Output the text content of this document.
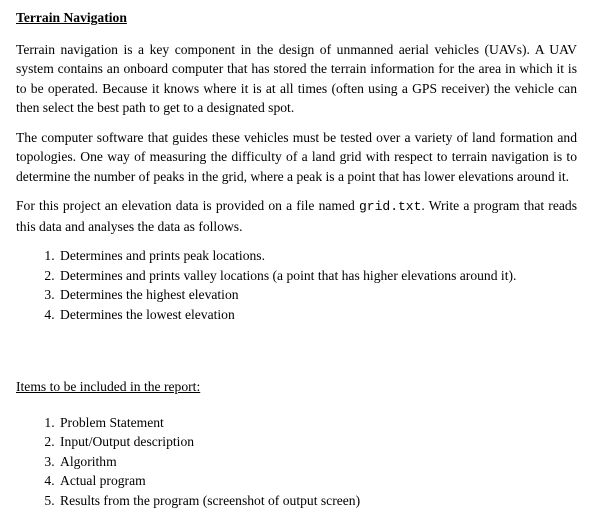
Terrain Navigation

Terrain navigation is a key component in the design of unmanned aerial vehicles (UAVs). A UAV system contains an onboard computer that has stored the terrain information for the area in which it is to be operated. Because it knows where it is at all times (often using a GPS receiver) the vehicle can then select the best path to get to a designated spot.

The computer software that guides these vehicles must be tested over a variety of land formation and topologies. One way of measuring the difficulty of a land grid with respect to terrain navigation is to determine the number of peaks in the grid, where a peak is a point that has lower elevations around it.

For this project an elevation data is provided on a file named grid.txt. Write a program that reads this data and analyses the data as follows.

1. Determines and prints peak locations.
2. Determines and prints valley locations (a point that has higher elevations around it).
3. Determines the highest elevation
4. Determines the lowest elevation
Items to be included in the report:
1. Problem Statement
2. Input/Output description
3. Algorithm
4. Actual program
5. Results from the program (screenshot of output screen)
